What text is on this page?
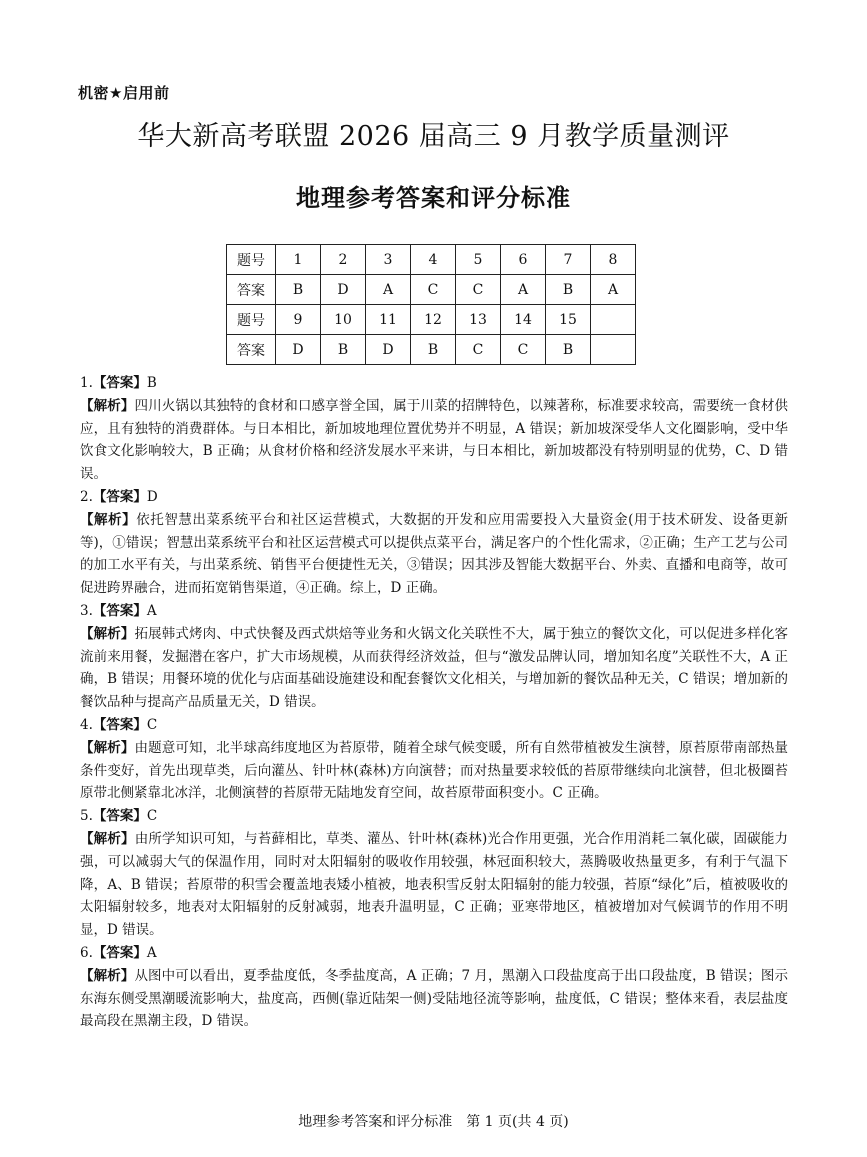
机密★启用前
华大新高考联盟 2026 届高三 9 月教学质量测评
地理参考答案和评分标准
题号	1	2	3	4	5	6	7	8
答案	B	D	A	C	C	A	B	A
题号	9	10	11	12	13	14	15	
答案	D	B	D	B	C	C	B	

1.【答案】B

【解析】四川火锅以其独特的食材和口感享誉全国，属于川菜的招牌特色，以辣著称，标准要求较高，需要统一食材供应，且有独特的消费群体。与日本相比，新加坡地理位置优势并不明显，A 错误；新加坡深受华人文化圈影响，受中华饮食文化影响较大，B 正确；从食材价格和经济发展水平来讲，与日本相比，新加坡都没有特别明显的优势，C、D 错误。

2.【答案】D

【解析】依托智慧出菜系统平台和社区运营模式，大数据的开发和应用需要投入大量资金(用于技术研发、设备更新等)，①错误；智慧出菜系统平台和社区运营模式可以提供点菜平台，满足客户的个性化需求，②正确；生产工艺与公司的加工水平有关，与出菜系统、销售平台便捷性无关，③错误；因其涉及智能大数据平台、外卖、直播和电商等，故可促进跨界融合，进而拓宽销售渠道，④正确。综上，D 正确。

3.【答案】A

【解析】拓展韩式烤肉、中式快餐及西式烘焙等业务和火锅文化关联性不大，属于独立的餐饮文化，可以促进多样化客流前来用餐，发掘潜在客户，扩大市场规模，从而获得经济效益，但与“激发品牌认同，增加知名度”关联性不大，A 正确，B 错误；用餐环境的优化与店面基础设施建设和配套餐饮文化相关，与增加新的餐饮品种无关，C 错误；增加新的餐饮品种与提高产品质量无关，D 错误。

4.【答案】C

【解析】由题意可知，北半球高纬度地区为苔原带，随着全球气候变暖，所有自然带植被发生演替，原苔原带南部热量条件变好，首先出现草类，后向灌丛、针叶林(森林)方向演替；而对热量要求较低的苔原带继续向北演替，但北极圈苔原带北侧紧靠北冰洋，北侧演替的苔原带无陆地发育空间，故苔原带面积变小。C 正确。

5.【答案】C

【解析】由所学知识可知，与苔藓相比，草类、灌丛、针叶林(森林)光合作用更强，光合作用消耗二氧化碳，固碳能力强，可以减弱大气的保温作用，同时对太阳辐射的吸收作用较强，林冠面积较大，蒸腾吸收热量更多，有利于气温下降，A、B 错误；苔原带的积雪会覆盖地表矮小植被，地表积雪反射太阳辐射的能力较强，苔原“绿化”后，植被吸收的太阳辐射较多，地表对太阳辐射的反射减弱，地表升温明显，C 正确；亚寒带地区，植被增加对气候调节的作用不明显，D 错误。

6.【答案】A

【解析】从图中可以看出，夏季盐度低，冬季盐度高，A 正确；7 月，黑潮入口段盐度高于出口段盐度，B 错误；图示东海东侧受黑潮暖流影响大，盐度高，西侧(靠近陆架一侧)受陆地径流等影响，盐度低，C 错误；整体来看，表层盐度最高段在黑潮主段，D 错误。

地理参考答案和评分标准　第 1 页(共 4 页)
